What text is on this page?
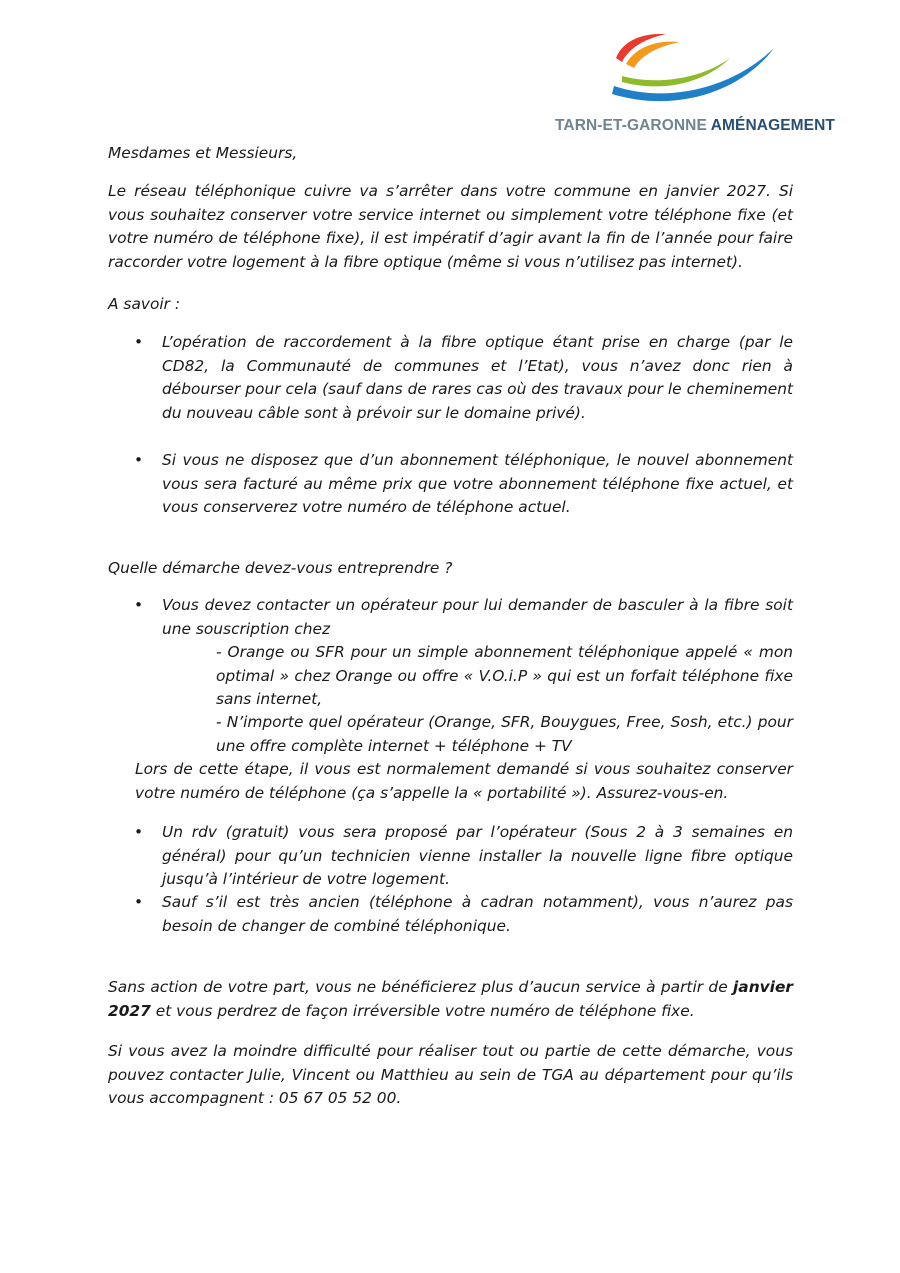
TARN-ET-GARONNE AMÉNAGEMENT

Mesdames et Messieurs,

Le réseau téléphonique cuivre va s’arrêter dans votre commune en janvier 2027. Si vous souhaitez conserver votre service internet ou simplement votre téléphone fixe (et votre numéro de téléphone fixe), il est impératif d’agir avant la fin de l’année pour faire raccorder votre logement à la fibre optique (même si vous n’utilisez pas internet).

A savoir :

• L’opération de raccordement à la fibre optique étant prise en charge (par le CD82, la Communauté de communes et l’Etat), vous n’avez donc rien à débourser pour cela (sauf dans de rares cas où des travaux pour le cheminement du nouveau câble sont à prévoir sur le domaine privé).

• Si vous ne disposez que d’un abonnement téléphonique, le nouvel abonnement vous sera facturé au même prix que votre abonnement téléphone fixe actuel, et vous conserverez votre numéro de téléphone actuel.

Quelle démarche devez-vous entreprendre ?

• Vous devez contacter un opérateur pour lui demander de basculer à la fibre soit une souscription chez

- Orange ou SFR pour un simple abonnement téléphonique appelé « mon optimal » chez Orange ou offre « V.O.i.P » qui est un forfait téléphone fixe sans internet,

- N’importe quel opérateur (Orange, SFR, Bouygues, Free, Sosh, etc.) pour une offre complète internet + téléphone + TV

Lors de cette étape, il vous est normalement demandé si vous souhaitez conserver votre numéro de téléphone (ça s’appelle la « portabilité »). Assurez-vous-en.

• Un rdv (gratuit) vous sera proposé par l’opérateur (Sous 2 à 3 semaines en général) pour qu’un technicien vienne installer la nouvelle ligne fibre optique jusqu’à l’intérieur de votre logement.

• Sauf s’il est très ancien (téléphone à cadran notamment), vous n’aurez pas besoin de changer de combiné téléphonique.

Sans action de votre part, vous ne bénéficierez plus d’aucun service à partir de janvier 2027 et vous perdrez de façon irréversible votre numéro de téléphone fixe.

Si vous avez la moindre difficulté pour réaliser tout ou partie de cette démarche, vous pouvez contacter Julie, Vincent ou Matthieu au sein de TGA au département pour qu’ils vous accompagnent : 05 67 05 52 00.
